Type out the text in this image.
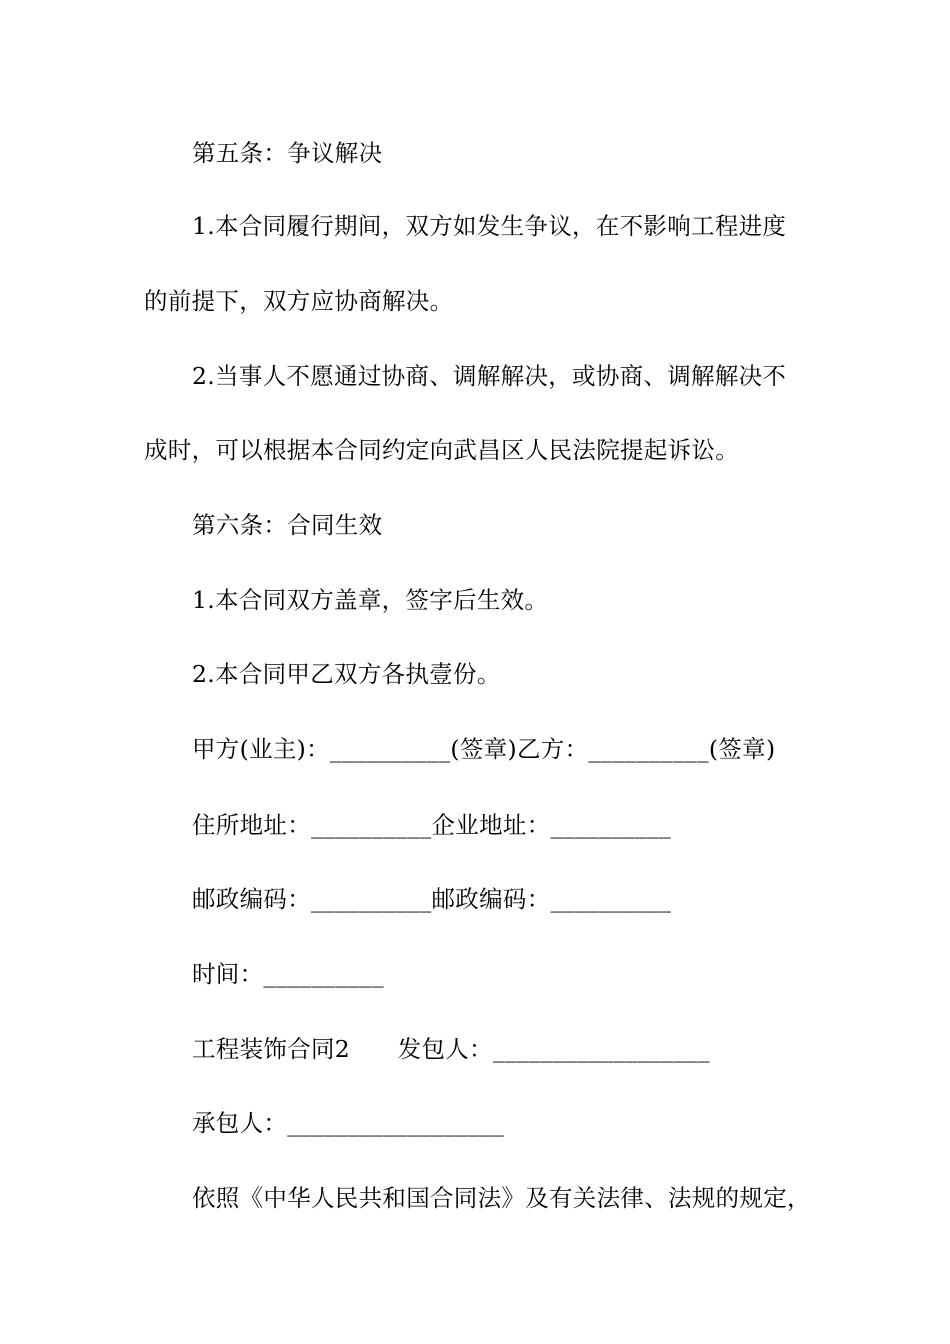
第五条：争议解决
1.本合同履行期间，双方如发生争议，在不影响工程进度
的前提下，双方应协商解决。
2.当事人不愿通过协商、调解解决，或协商、调解解决不
成时，可以根据本合同约定向武昌区人民法院提起诉讼。
第六条：合同生效
1.本合同双方盖章，签字后生效。
2.本合同甲乙双方各执壹份。
甲方(业主)：__________(签章)乙方：__________(签章)
住所地址：__________企业地址：__________
邮政编码：__________邮政编码：__________
时间：__________
工程装饰合同2　　发包人：__________________
承包人：__________________
依照《中华人民共和国合同法》及有关法律、法规的规定，
